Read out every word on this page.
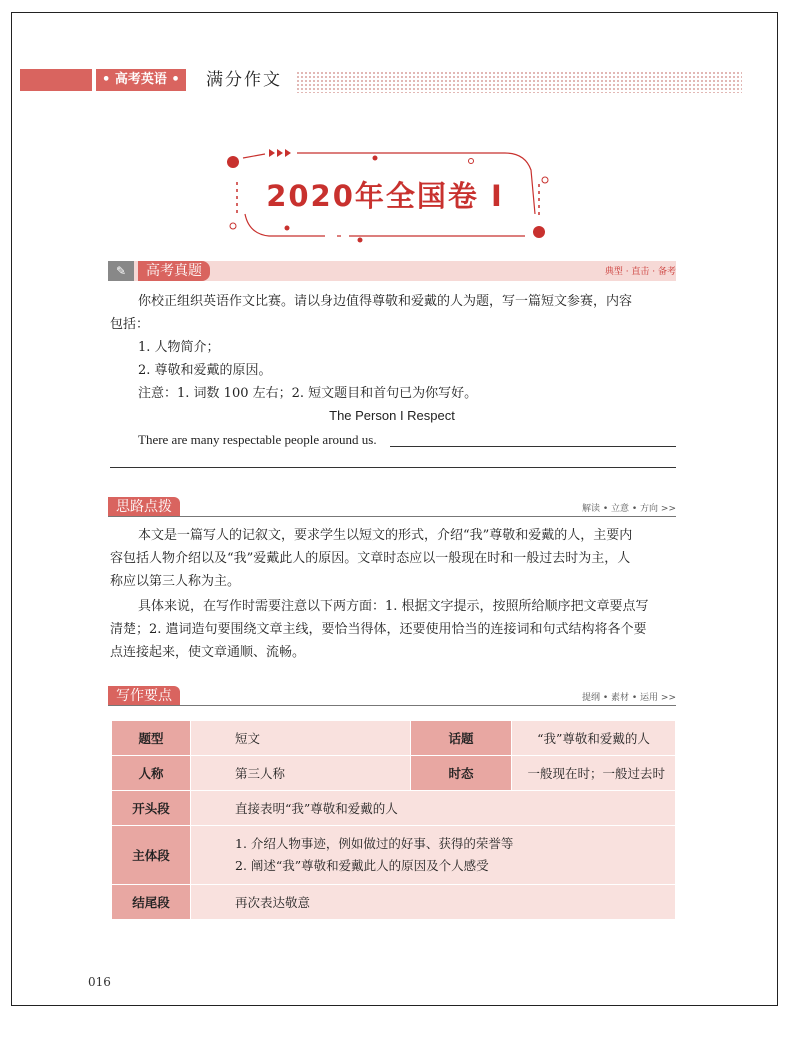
• 高考英语 •	满分作文
2020年全国卷 I
✎	高考真题	典型 · 直击 · 备考

你校正组织英语作文比赛。请以身边值得尊敬和爱戴的人为题，写一篇短文参赛，内容

包括：

1. 人物简介；

2. 尊敬和爱戴的原因。

注意：1. 词数 100 左右；2. 短文题目和首句已为你写好。

The Person I Respect

There are many respectable people around us.

思路点拨	解读 • 立意 • 方向 >>

本文是一篇写人的记叙文，要求学生以短文的形式，介绍“我”尊敬和爱戴的人，主要内

容包括人物介绍以及“我”爱戴此人的原因。文章时态应以一般现在时和一般过去时为主，人

称应以第三人称为主。

具体来说，在写作时需要注意以下两方面：1. 根据文字提示，按照所给顺序把文章要点写

清楚；2. 遣词造句要围绕文章主线，要恰当得体，还要使用恰当的连接词和句式结构将各个要

点连接起来，使文章通顺、流畅。

写作要点	提纲 • 素材 • 运用 >>
题型	短文	话题	“我”尊敬和爱戴的人
人称	第三人称	时态	一般现在时；一般过去时
开头段	直接表明“我”尊敬和爱戴的人		
主体段	1. 介绍人物事迹，例如做过的好事、获得的荣誉等
2. 阐述“我”尊敬和爱戴此人的原因及个人感受		

结尾段	再次表达敬意		
016
